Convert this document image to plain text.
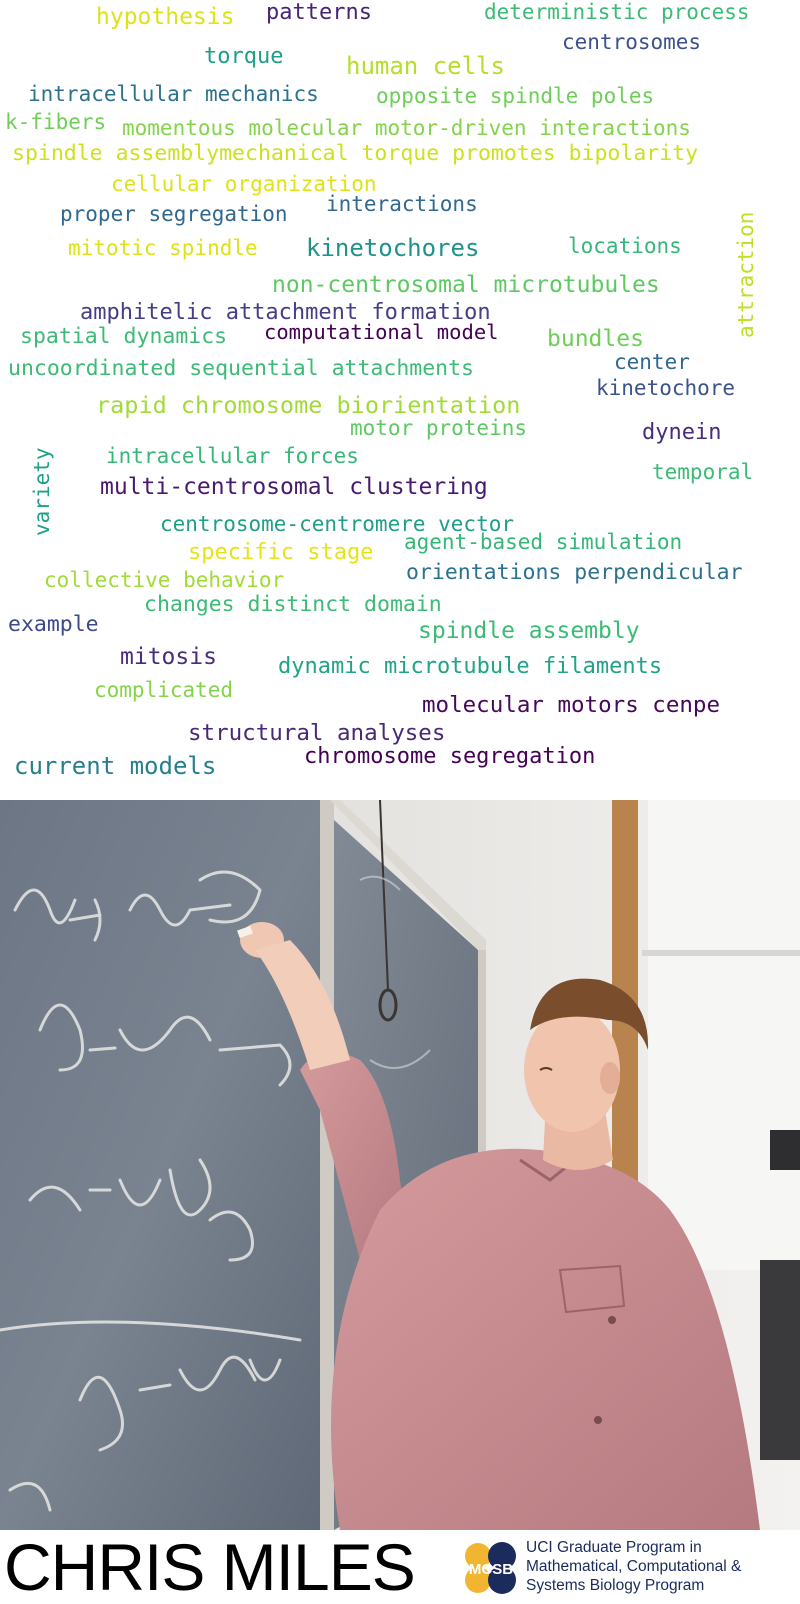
hypothesis patterns	deterministic process
centrosomes
torque	human cells
intracellular mechanics	opposite spindle poles
k-fibers momentous molecular motor-driven interactions
spindle assemblymechanical torque promotes bipolarity
cellular organization
proper segregation interactions
mitotic spindle kinetochores	locations attraction
non-centrosomal microtubules
amphitelic attachment formation
spatial dynamics computational model bundles
center
uncoordinated sequential attachments
kinetochore
rapid chromosome biorientation
motor proteins	dynein
variety intracellular forces
temporal
multi-centrosomal clustering
centrosome-centromere vector
specific stage agent-based simulation
collective behavior	orientations perpendicular
changes distinct domain
example	spindle assembly
mitosis	dynamic microtubule filaments
complicated
molecular motors cenpe
structural analyses
chromosome segregation
current models
CHRIS MILES	MCSB
UCI Graduate Program in
Mathematical, Computational &
Systems Biology Program
